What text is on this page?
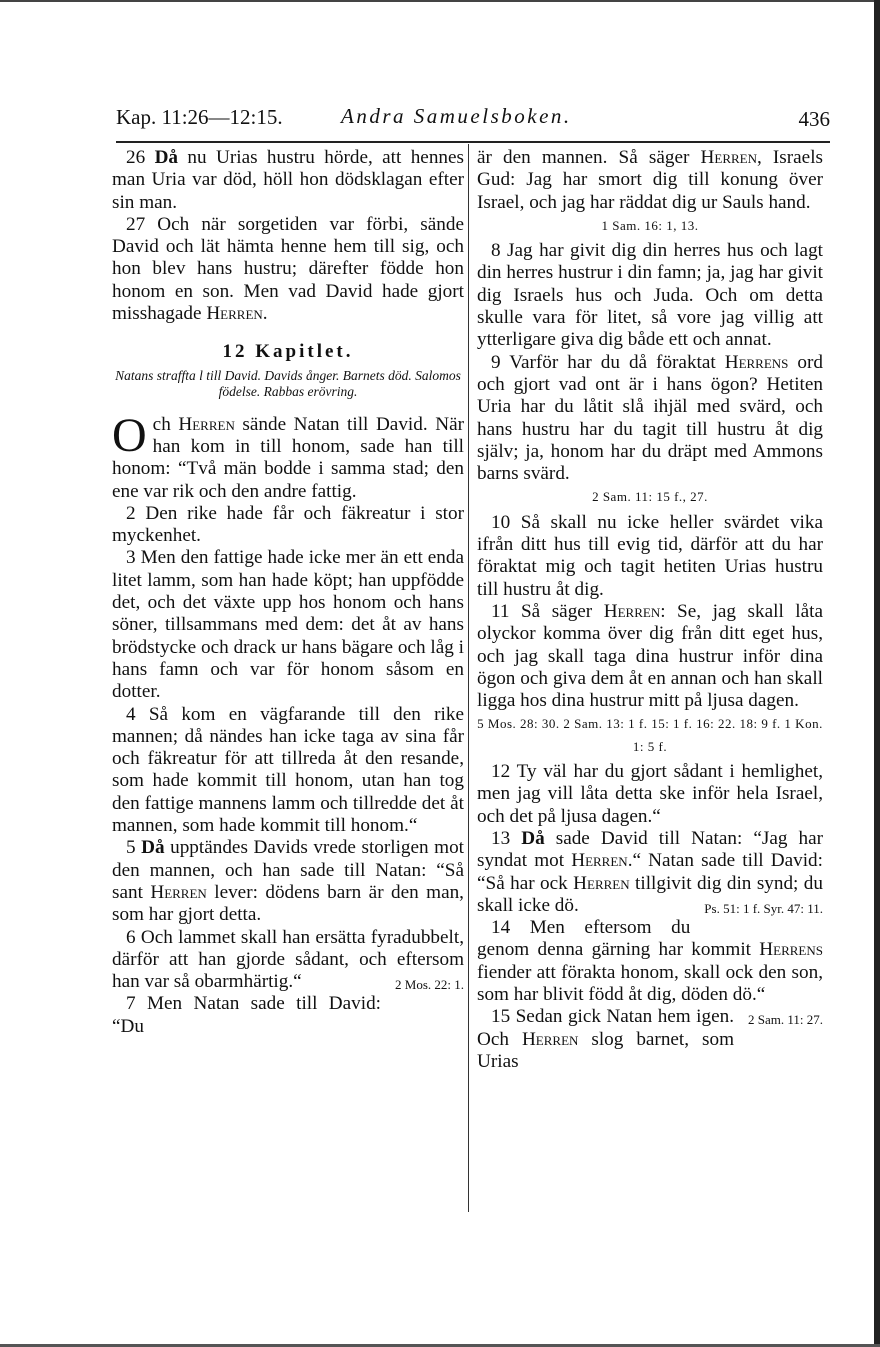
Kap. 11:26—12:15.	Andra Samuelsboken.	436

26 Då nu Urias hustru hörde, att hennes man Uria var död, höll hon dödsklagan efter sin man.

27 Och när sorgetiden var förbi, sände David och lät hämta henne hem till sig, och hon blev hans hustru; därefter födde hon honom en son. Men vad David hade gjort misshagade Herren.

12 Kapitlet.
Natans straffta l till David. Davids ånger. Barnets död. Salomos födelse. Rabbas erövring.

Och Herren sände Natan till David. När han kom in till honom, sade han till honom: “Två män bodde i samma stad; den ene var rik och den andre fattig.

2 Den rike hade får och fäkreatur i stor myckenhet.

3 Men den fattige hade icke mer än ett enda litet lamm, som han hade köpt; han uppfödde det, och det växte upp hos honom och hans söner, tillsammans med dem: det åt av hans brödstycke och drack ur hans bägare och låg i hans famn och var för honom såsom en dotter.

4 Så kom en vägfarande till den rike mannen; då nändes han icke taga av sina får och fäkreatur för att tillreda åt den resande, som hade kommit till honom, utan han tog den fattige mannens lamm och tillredde det åt mannen, som hade kommit till honom.“

5 Då upptändes Davids vrede storligen mot den mannen, och han sade till Natan: “Så sant Herren lever: dödens barn är den man, som har gjort detta.

6 Och lammet skall han ersätta fyradubbelt, därför att han gjorde sådant, och eftersom han var så obarmhärtig.“	2 Mos. 22: 1.

7 Men Natan sade till David: “Du

är den mannen. Så säger Herren, Israels Gud: Jag har smort dig till konung över Israel, och jag har räddat dig ur Sauls hand.

1 Sam. 16: 1, 13.

8 Jag har givit dig din herres hus och lagt din herres hustrur i din famn; ja, jag har givit dig Israels hus och Juda. Och om detta skulle vara för litet, så vore jag villig att ytterligare giva dig både ett och annat.

9 Varför har du då föraktat Herrens ord och gjort vad ont är i hans ögon? Hetiten Uria har du låtit slå ihjäl med svärd, och hans hustru har du tagit till hustru åt dig själv; ja, honom har du dräpt med Ammons barns svärd.

2 Sam. 11: 15 f., 27.

10 Så skall nu icke heller svärdet vika ifrån ditt hus till evig tid, därför att du har föraktat mig och tagit hetiten Urias hustru till hustru åt dig.

11 Så säger Herren: Se, jag skall låta olyckor komma över dig från ditt eget hus, och jag skall taga dina hustrur inför dina ögon och giva dem åt en annan och han skall ligga hos dina hustrur mitt på ljusa dagen.

5 Mos. 28: 30. 2 Sam. 13: 1 f. 15: 1 f. 16: 22. 18: 9 f. 1 Kon. 1: 5 f.

12 Ty väl har du gjort sådant i hemlighet, men jag vill låta detta ske inför hela Israel, och det på ljusa dagen.“

13 Då sade David till Natan: “Jag har syndat mot Herren.“ Natan sade till David: “Så har ock Herren tillgivit dig din synd; du skall icke dö.	Ps. 51: 1 f. Syr. 47: 11.

14 Men eftersom du genom denna gärning har kommit Herrens fiender att förakta honom, skall ock den son, som har blivit född åt dig, döden dö.“
2 Sam. 11: 27.

15 Sedan gick Natan hem igen. Och Herren slog barnet, som Urias
